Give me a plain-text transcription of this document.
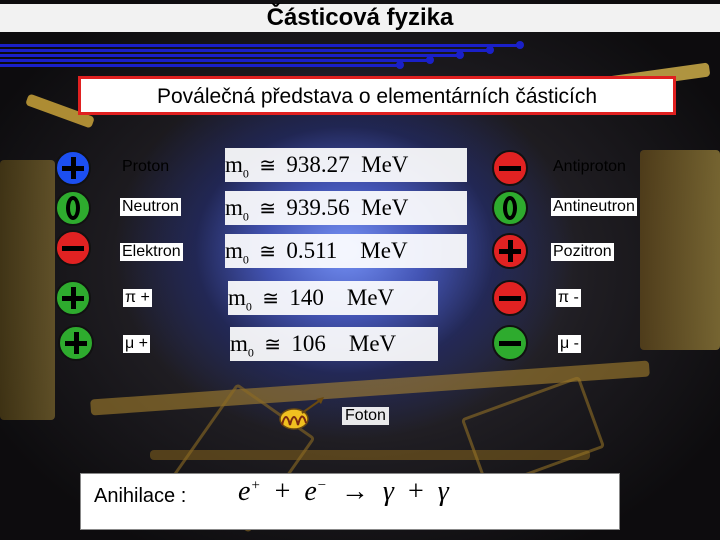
Částicová fyzika
Poválečná představa o elementárních částicích
Proton $m_0$ ≅ 938.27 MeV	Antiproton
Neutron $m_0$ ≅ 939.56 MeV	Antineutron
Elektron $m_0$ ≅ 0.511 MeV	Pozitron
π +	$m_0$ ≅ 140 MeV	π -
μ +	$m_0$ ≅ 106 MeV	μ -
Foton
Anihilace : e+ + e− → γ + γ
